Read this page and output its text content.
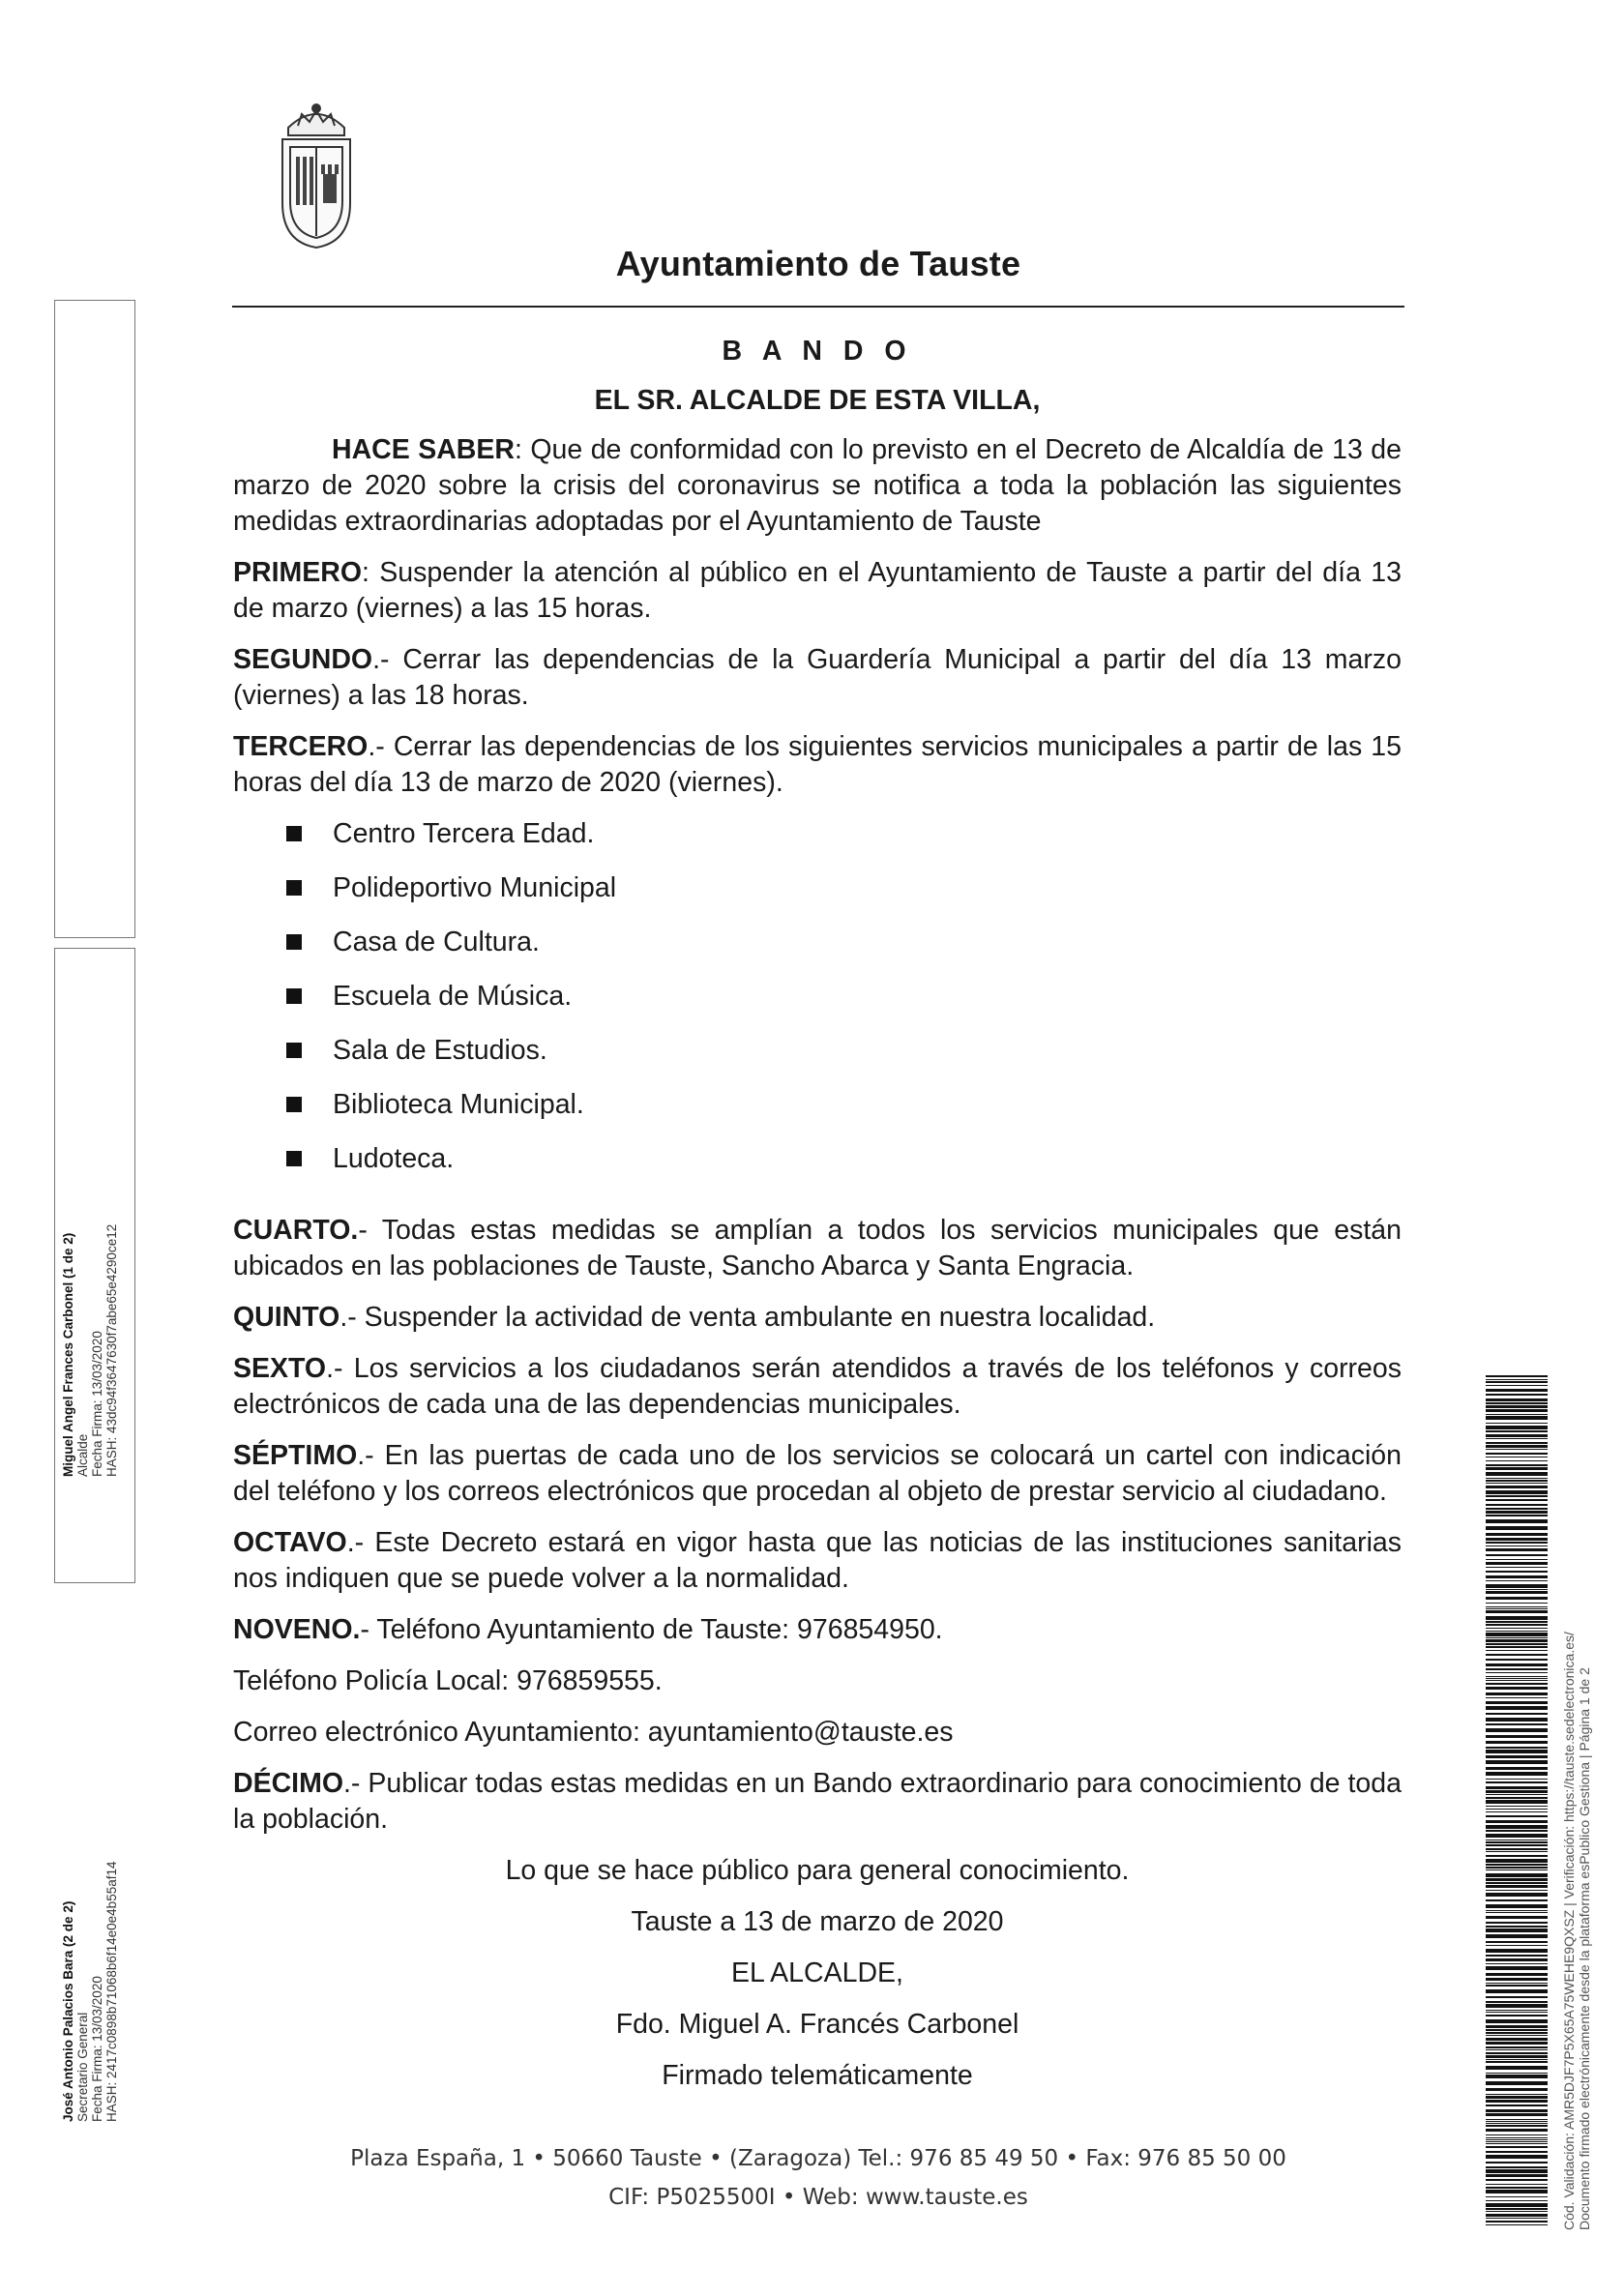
Ayuntamiento de Tauste
B A N D O
EL SR. ALCALDE DE ESTA VILLA,
HACE SABER: Que de conformidad con lo previsto en el Decreto de Alcaldía de 13 de marzo de 2020 sobre la crisis del coronavirus se notifica a toda la población las siguientes medidas extraordinarias adoptadas por el Ayuntamiento de Tauste
PRIMERO: Suspender la atención al público en el Ayuntamiento de Tauste a partir del día 13 de marzo (viernes) a las 15 horas.
SEGUNDO.- Cerrar las dependencias de la Guardería Municipal a partir del día 13 marzo (viernes) a las 18 horas.
TERCERO.- Cerrar las dependencias de los siguientes servicios municipales a partir de las 15 horas del día 13 de marzo de 2020 (viernes).
Centro Tercera Edad.
Polideportivo Municipal
Casa de Cultura.
Escuela de Música.
Sala de Estudios.
Biblioteca Municipal.
Ludoteca.
CUARTO.- Todas estas medidas se amplían a todos los servicios municipales que están ubicados en las poblaciones de Tauste, Sancho Abarca y Santa Engracia.
QUINTO.- Suspender la actividad de venta ambulante en nuestra localidad.
SEXTO.- Los servicios a los ciudadanos serán atendidos a través de los teléfonos y correos electrónicos de cada una de las dependencias municipales.
SÉPTIMO.- En las puertas de cada uno de los servicios se colocará un cartel con indicación del teléfono y los correos electrónicos que procedan al objeto de prestar servicio al ciudadano.
OCTAVO.- Este Decreto estará en vigor hasta que las noticias de las instituciones sanitarias nos indiquen que se puede volver a la normalidad.
NOVENO.- Teléfono Ayuntamiento de Tauste: 976854950.
Teléfono Policía Local: 976859555.
Correo electrónico Ayuntamiento: ayuntamiento@tauste.es
DÉCIMO.- Publicar todas estas medidas en un Bando extraordinario para conocimiento de toda la población.
Lo que se hace público para general conocimiento.
Tauste a 13 de marzo de 2020
EL ALCALDE,
Fdo. Miguel A. Francés Carbonel
Firmado telemáticamente
Plaza España, 1 • 50660 Tauste • (Zaragoza) Tel.: 976 85 49 50 • Fax: 976 85 50 00
CIF: P5025500I • Web: www.tauste.es
Miguel Angel Frances Carbonel (1 de 2) Alcalde Fecha Firma: 13/03/2020 HASH: 43dc94f3647630f7abe65e4290ce12
José Antonio Palacios Bara (2 de 2) Secretario General Fecha Firma: 13/03/2020 HASH: 2417c0898b71068b6f14e0e4b55af14	Cód. Validación: AMR5DJF7P5X65A75WEHE9QXSZ | Verificación: https://tauste.sedelectronica.es/ Documento firmado electrónicamente desde la plataforma esPublico Gestiona | Página 1 de 2
